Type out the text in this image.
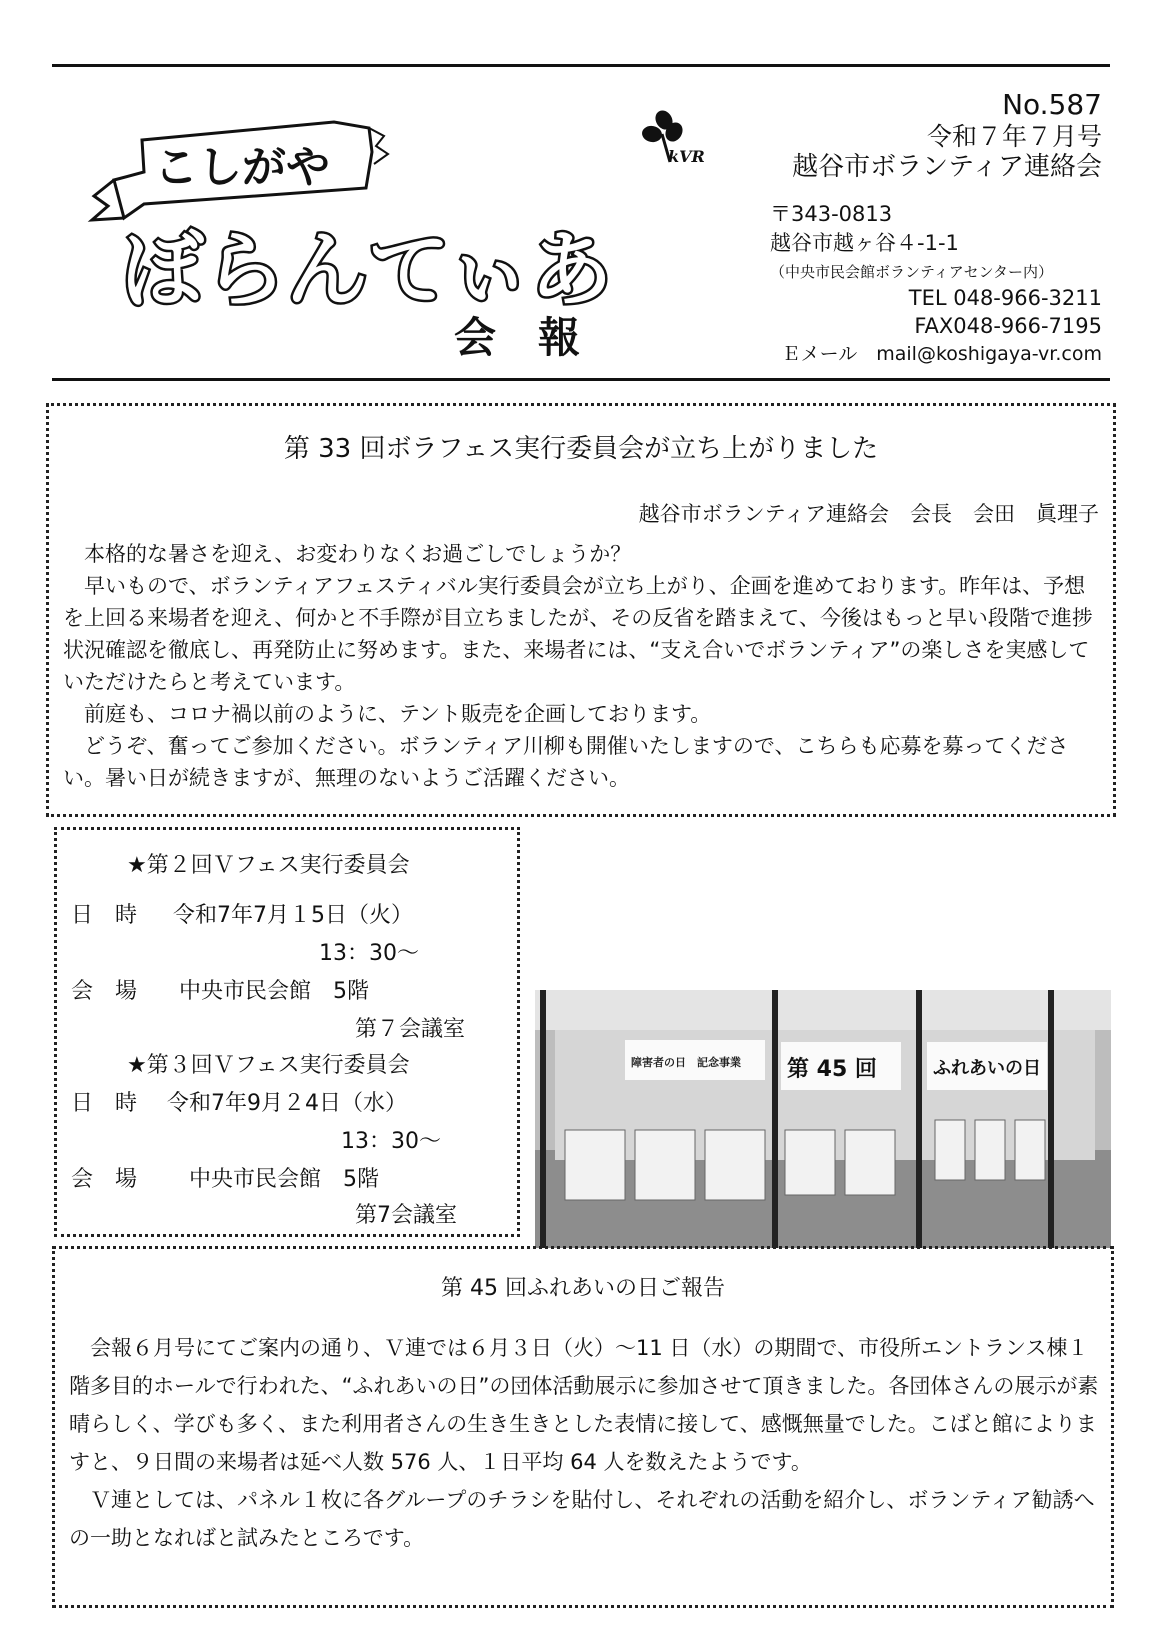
こしがや
ぼらんてぃあ
会　報
kVR
No.587
令和７年７月号
越谷市ボランティア連絡会
〒343-0813
越谷市越ヶ谷４-1-1
（中央市民会館ボランティアセンター内）
TEL 048-966-3211
FAX048-966-7195
Ｅメール　mail@koshigaya-vr.com
第 33 回ボラフェス実行委員会が立ち上がりました
越谷市ボランティア連絡会　会長　会田　眞理子

　本格的な暑さを迎え、お変わりなくお過ごしでしょうか？

　早いもので、ボランティアフェスティバル実行委員会が立ち上がり、企画を進めております。昨年は、予想を上回る来場者を迎え、何かと不手際が目立ちましたが、その反省を踏まえて、今後はもっと早い段階で進捗状況確認を徹底し、再発防止に努めます。また、来場者には、“支え合いでボランティア”の楽しさを実感していただけたらと考えています。

　前庭も、コロナ禍以前のように、テント販売を企画しております。

　どうぞ、奮ってご参加ください。ボランティア川柳も開催いたしますので、こちらも応募を募ってください。暑い日が続きますが、無理のないようご活躍ください。

★第２回Ｖフェス実行委員会
日　時 令和7年7月１5日（火）
13：30〜
会　場 中央市民会館　5階
第７会議室
★第３回Ｖフェス実行委員会
日　時 令和7年9月２4日（水）
13：30〜
会　場 中央市民会館　5階
第7会議室
障害者の日　記念事業 第 45 回	ふれあいの日
第 45 回ふれあいの日ご報告

　会報６月号にてご案内の通り、Ｖ連では６月３日（火）〜11 日（水）の期間で、市役所エントランス棟１階多目的ホールで行われた、“ふれあいの日”の団体活動展示に参加させて頂きました。各団体さんの展示が素晴らしく、学びも多く、また利用者さんの生き生きとした表情に接して、感慨無量でした。こばと館によりますと、９日間の来場者は延べ人数 576 人、１日平均 64 人を数えたようです。

　Ｖ連としては、パネル１枚に各グループのチラシを貼付し、それぞれの活動を紹介し、ボランティア勧誘への一助となればと試みたところです。
